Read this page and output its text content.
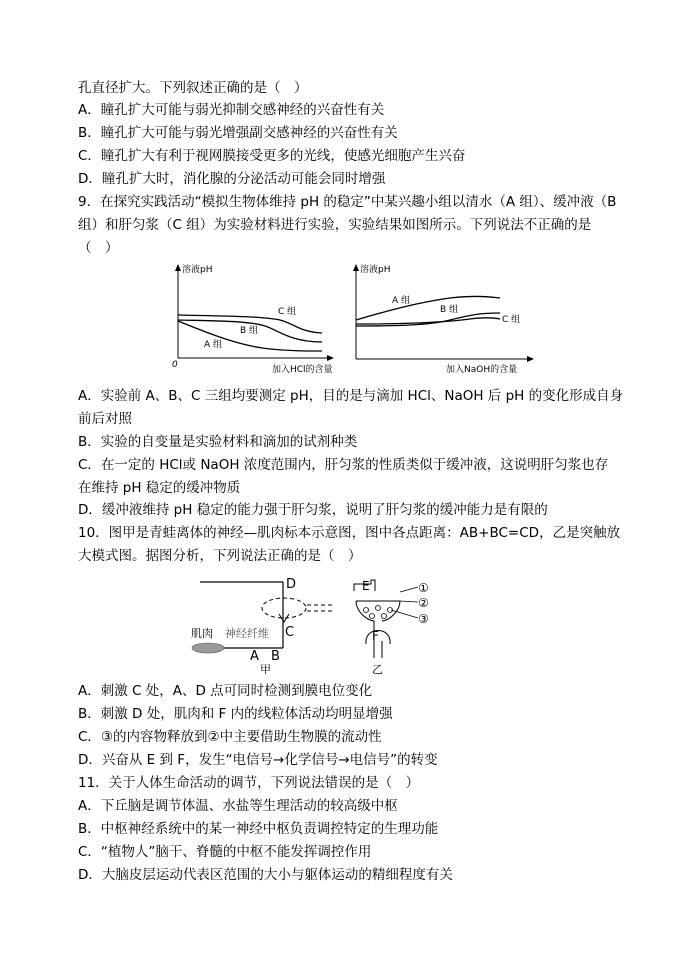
孔直径扩大。下列叙述正确的是（　）
A．瞳孔扩大可能与弱光抑制交感神经的兴奋性有关
B．瞳孔扩大可能与弱光增强副交感神经的兴奋性有关
C．瞳孔扩大有利于视网膜接受更多的光线，使感光细胞产生兴奋
D．瞳孔扩大时，消化腺的分泌活动可能会同时增强
9．在探究实践活动“模拟生物体维持 pH 的稳定”中某兴趣小组以清水（A 组）、缓冲液（B
组）和肝匀浆（C 组）为实验材料进行实验，实验结果如图所示。下列说法不正确的是
（　）
溶液pH
0	加入HCl的含量
C 组
B 组
A 组
溶液pH
加入NaOH的含量
A 组
B 组
C 组
A．实验前 A、B、C 三组均要测定 pH，目的是与滴加 HCl、NaOH 后 pH 的变化形成自身
前后对照
B．实验的自变量是实验材料和滴加的试剂种类
C．在一定的 HCl或 NaOH 浓度范围内，肝匀浆的性质类似于缓冲液，这说明肝匀浆也存
在维持 pH 稳定的缓冲物质
D．缓冲液维持 pH 稳定的能力强于肝匀浆，说明了肝匀浆的缓冲能力是有限的
10．图甲是青蛙离体的神经—肌肉标本示意图，图中各点距离：AB+BC=CD，乙是突触放
大模式图。据图分析，下列说法正确的是（　）
D
C
肌肉 神经纤维
A B
甲
E
F
①
②
③
乙
A．刺激 C 处，A、D 点可同时检测到膜电位变化
B．刺激 D 处，肌肉和 F 内的线粒体活动均明显增强
C．③的内容物释放到②中主要借助生物膜的流动性
D．兴奋从 E 到 F，发生“电信号→化学信号→电信号”的转变
11．关于人体生命活动的调节，下列说法错误的是（　）
A．下丘脑是调节体温、水盐等生理活动的较高级中枢
B．中枢神经系统中的某一神经中枢负责调控特定的生理功能
C．“植物人”脑干、脊髓的中枢不能发挥调控作用
D．大脑皮层运动代表区范围的大小与躯体运动的精细程度有关
